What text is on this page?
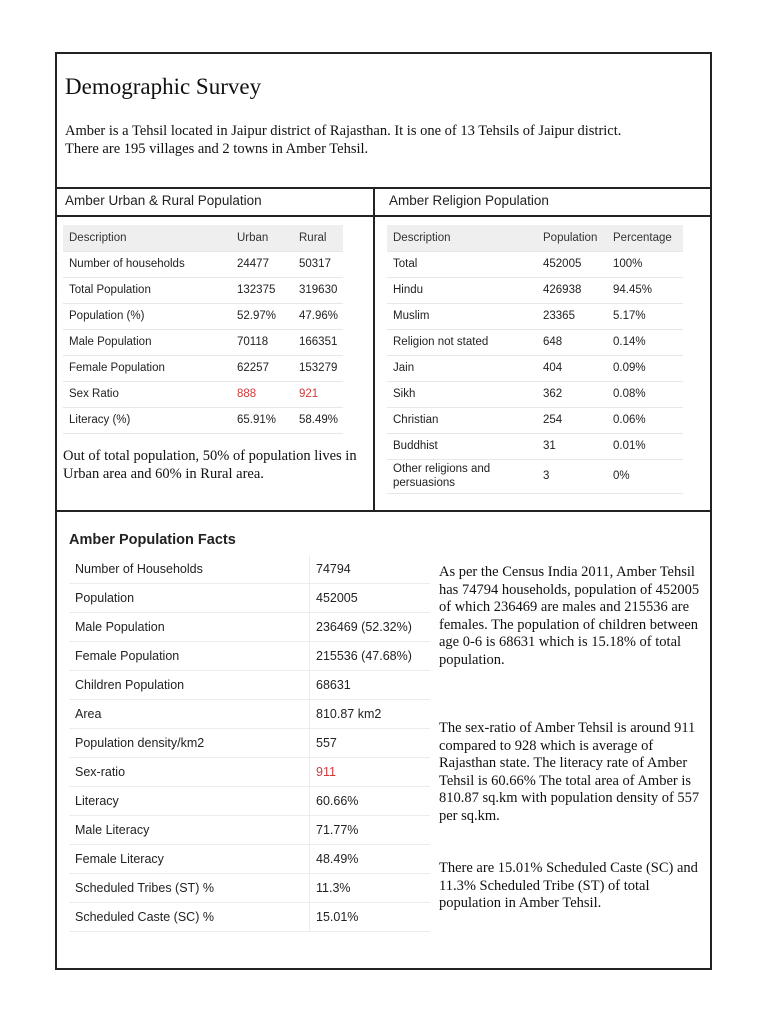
Demographic Survey

Amber is a Tehsil located in Jaipur district of Rajasthan. It is one of 13 Tehsils of Jaipur district. There are 195 villages and 2 towns in Amber Tehsil.

Amber Urban & Rural Population	Amber Religion Population
Description	Urban	Rural
Number of households	24477	50317
Total Population	132375	319630
Population (%)	52.97%	47.96%
Male Population	70118	166351
Female Population	62257	153279
Sex Ratio	888	921
Literacy (%)	65.91%	58.49%

Out of total population, 50% of population lives in Urban area and 60% in Rural area.

Description	Population	Percentage
Total	452005	100%
Hindu	426938	94.45%
Muslim	23365	5.17%
Religion not stated	648	0.14%
Jain	404	0.09%
Sikh	362	0.08%
Christian	254	0.06%
Buddhist	31	0.01%
Other religions and persuasions	3	0%
Amber Population Facts
Number of Households	74794
Population	452005
Male Population	236469 (52.32%)
Female Population	215536 (47.68%)
Children Population	68631
Area	810.87 km2
Population density/km2	557
Sex-ratio	911
Literacy	60.66%
Male Literacy	71.77%
Female Literacy	48.49%
Scheduled Tribes (ST) %	11.3%
Scheduled Caste (SC) %	15.01%

As per the Census India 2011, Amber Tehsil has 74794 households, population of 452005 of which 236469 are males and 215536 are females. The population of children between age 0-6 is 68631 which is 15.18% of total population.

The sex-ratio of Amber Tehsil is around 911 compared to 928 which is average of Rajasthan state. The literacy rate of Amber Tehsil is 60.66% The total area of Amber is 810.87 sq.km with population density of 557 per sq.km.

There are 15.01% Scheduled Caste (SC) and 11.3% Scheduled Tribe (ST) of total population in Amber Tehsil.
